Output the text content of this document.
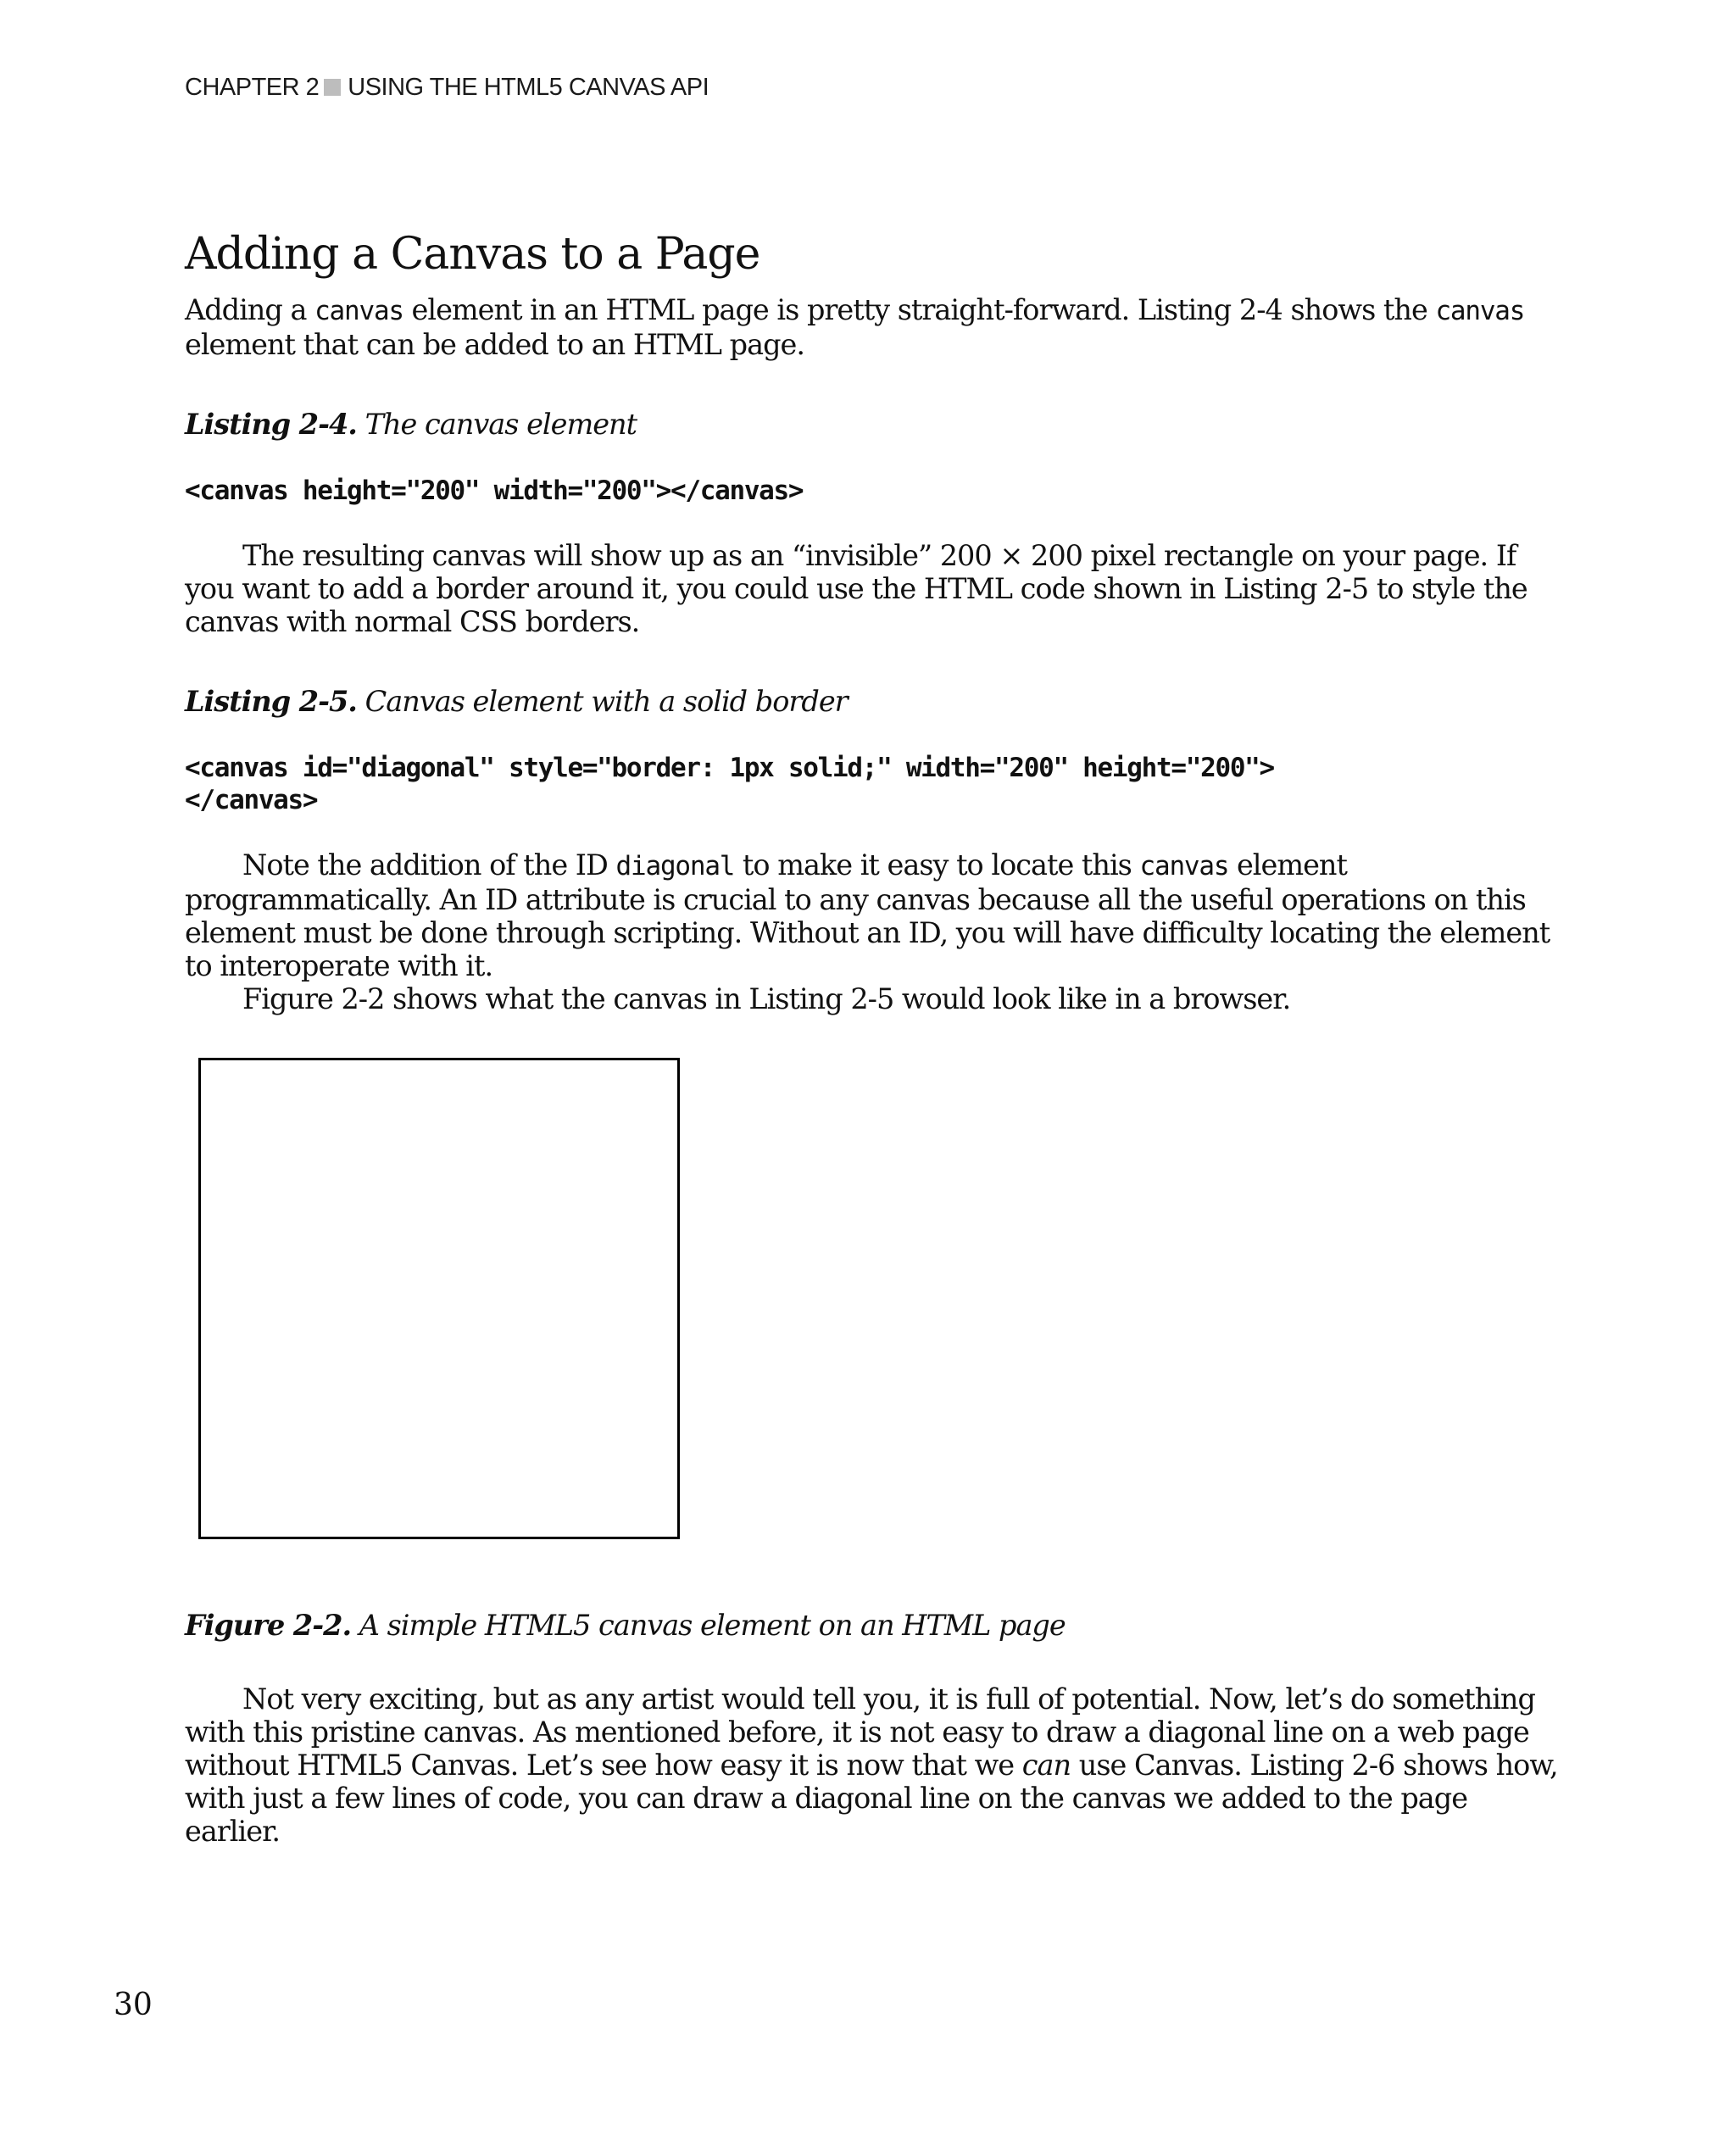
CHAPTER 2 USING THE HTML5 CANVAS API
Adding a Canvas to a Page

Adding a canvas element in an HTML page is pretty straight-forward. Listing 2-4 shows the canvas element that can be added to an HTML page.

Listing 2-4. The canvas element

<canvas height="200" width="200"></canvas>

The resulting canvas will show up as an “invisible” 200 × 200 pixel rectangle on your page. If you want to add a border around it, you could use the HTML code shown in Listing 2-5 to style the canvas with normal CSS borders.

Listing 2-5. Canvas element with a solid border

<canvas id="diagonal" style="border: 1px solid;" width="200" height="200">
</canvas>

Note the addition of the ID diagonal to make it easy to locate this canvas element programmatically. An ID attribute is crucial to any canvas because all the useful operations on this element must be done through scripting. Without an ID, you will have difficulty locating the element to interoperate with it.

Figure 2-2 shows what the canvas in Listing 2-5 would look like in a browser.

Figure 2-2. A simple HTML5 canvas element on an HTML page

Not very exciting, but as any artist would tell you, it is full of potential. Now, let’s do something with this pristine canvas. As mentioned before, it is not easy to draw a diagonal line on a web page without HTML5 Canvas. Let’s see how easy it is now that we can use Canvas. Listing 2-6 shows how, with just a few lines of code, you can draw a diagonal line on the canvas we added to the page earlier.

30
